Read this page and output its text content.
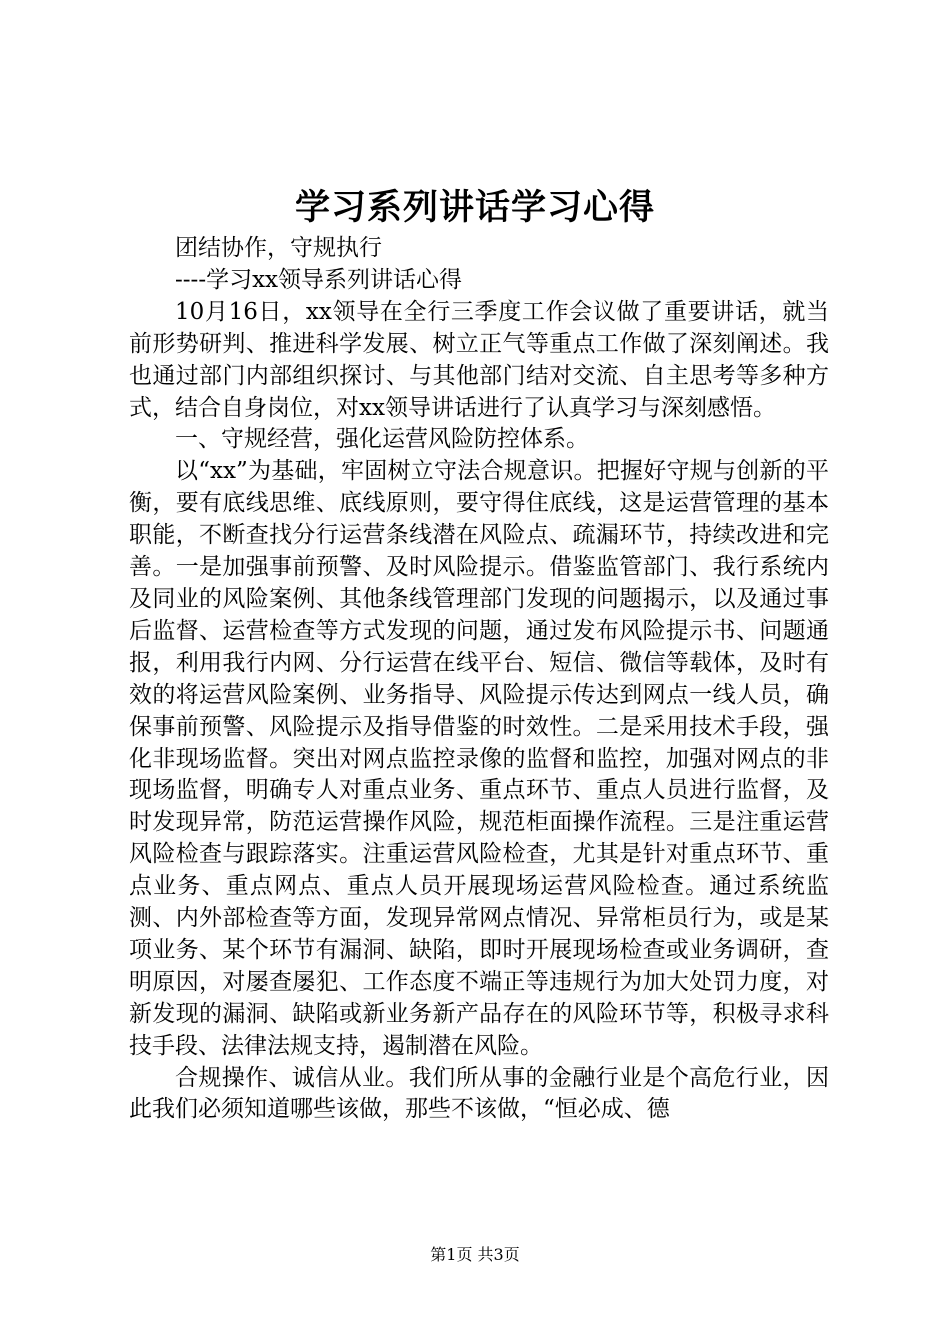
学习系列讲话学习心得

团结协作，守规执行

----学习xx领导系列讲话心得

10月16日，xx领导在全行三季度工作会议做了重要讲话，就当前形势研判、推进科学发展、树立正气等重点工作做了深刻阐述。我也通过部门内部组织探讨、与其他部门结对交流、自主思考等多种方式，结合自身岗位，对xx领导讲话进行了认真学习与深刻感悟。

一、守规经营，强化运营风险防控体系。

以“xx”为基础，牢固树立守法合规意识。把握好守规与创新的平衡，要有底线思维、底线原则，要守得住底线，这是运营管理的基本职能，不断查找分行运营条线潜在风险点、疏漏环节，持续改进和完善。一是加强事前预警、及时风险提示。借鉴监管部门、我行系统内及同业的风险案例、其他条线管理部门发现的问题揭示，以及通过事后监督、运营检查等方式发现的问题，通过发布风险提示书、问题通报，利用我行内网、分行运营在线平台、短信、微信等载体，及时有效的将运营风险案例、业务指导、风险提示传达到网点一线人员，确保事前预警、风险提示及指导借鉴的时效性。二是采用技术手段，强化非现场监督。突出对网点监控录像的监督和监控，加强对网点的非现场监督，明确专人对重点业务、重点环节、重点人员进行监督，及时发现异常，防范运营操作风险，规范柜面操作流程。三是注重运营风险检查与跟踪落实。注重运营风险检查，尤其是针对重点环节、重点业务、重点网点、重点人员开展现场运营风险检查。通过系统监测、内外部检查等方面，发现异常网点情况、异常柜员行为，或是某项业务、某个环节有漏洞、缺陷，即时开展现场检查或业务调研，查明原因，对屡查屡犯、工作态度不端正等违规行为加大处罚力度，对新发现的漏洞、缺陷或新业务新产品存在的风险环节等，积极寻求科技手段、法律法规支持，遏制潜在风险。

合规操作、诚信从业。我们所从事的金融行业是个高危行业，因此我们必须知道哪些该做，那些不该做，“恒必成、德

第1页 共3页
